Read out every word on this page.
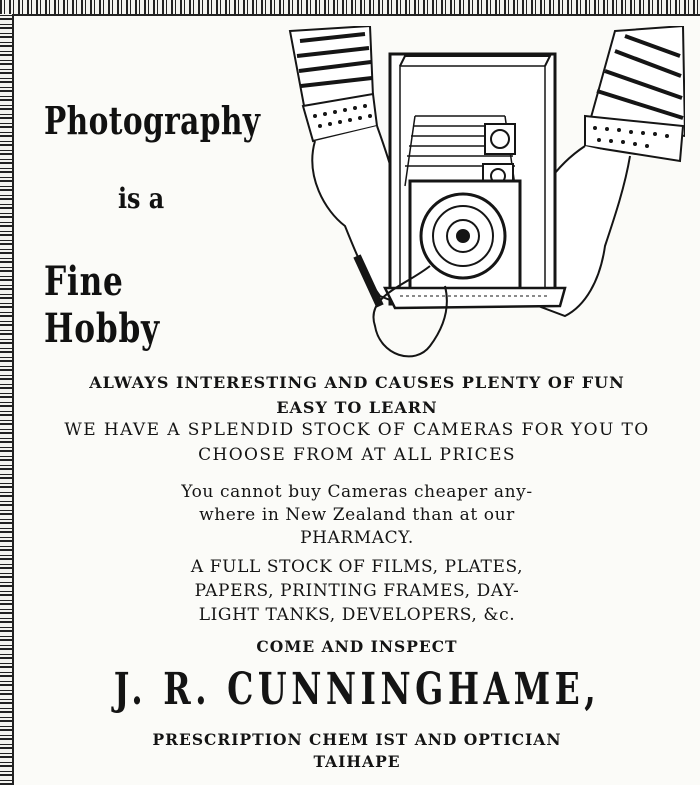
Photography
is a
Fine Hobby
ALWAYS INTERESTING AND CAUSES PLENTY OF FUN
EASY TO LEARN
WE HAVE A SPLENDID STOCK OF CAMERAS FOR YOU TO
CHOOSE FROM AT ALL PRICES
You cannot buy Cameras cheaper any-
where in New Zealand than at our
PHARMACY.
A FULL STOCK OF FILMS, PLATES,
PAPERS, PRINTING FRAMES, DAY-
LIGHT TANKS, DEVELOPERS, &c.
COME AND INSPECT
J. R. CUNNINGHAME,
PRESCRIPTION CHEM IST AND OPTICIAN
TAIHAPE
